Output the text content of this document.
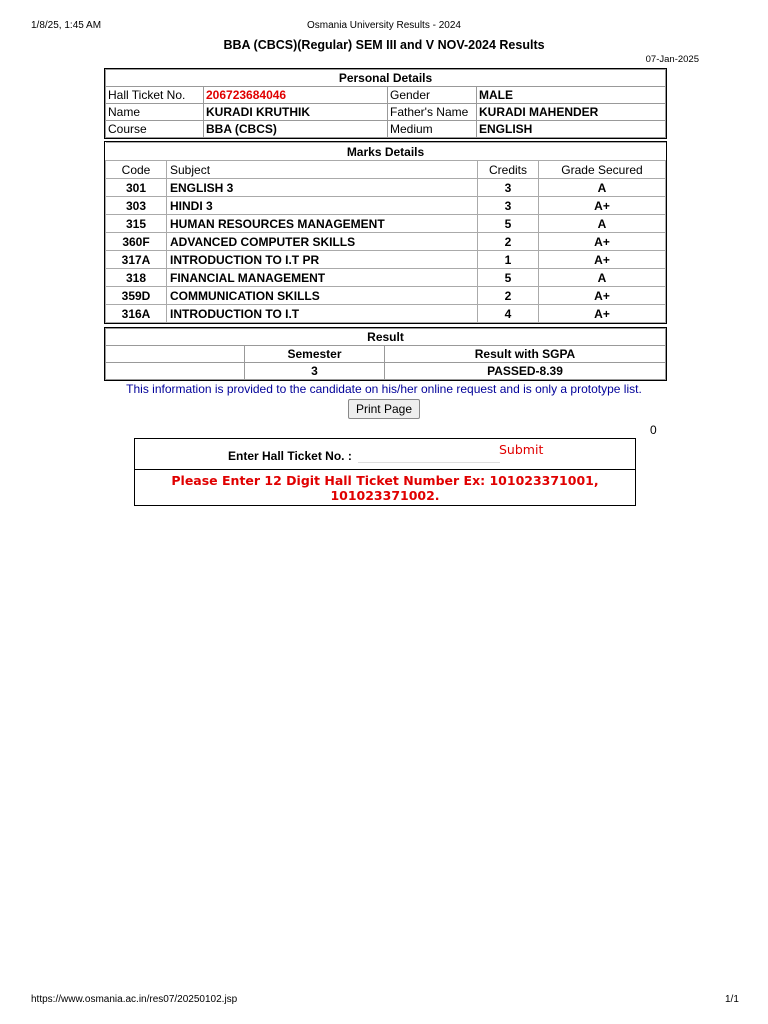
1/8/25, 1:45 AM	Osmania University Results - 2024
BBA (CBCS)(Regular) SEM III and V NOV-2024 Results
07-Jan-2025
Personal Details			
Hall Ticket No.	206723684046	Gender	MALE
Name	KURADI KRUTHIK	Father's Name	KURADI MAHENDER
Course	BBA (CBCS)	Medium	ENGLISH
Marks Details			
Code	Subject	Credits	Grade Secured
301	ENGLISH 3	3	A
303	HINDI 3	3	A+
315	HUMAN RESOURCES MANAGEMENT	5	A
360F	ADVANCED COMPUTER SKILLS	2	A+
317A	INTRODUCTION TO I.T PR	1	A+
318	FINANCIAL MANAGEMENT	5	A
359D	COMMUNICATION SKILLS	2	A+
316A	INTRODUCTION TO I.T	4	A+
Result		
	Semester	Result with SGPA
	3	PASSED-8.39
This information is provided to the candidate on his/her online request and is only a prototype list.
Print Page
0
Enter Hall Ticket No. :	Submit
Please Enter 12 Digit Hall Ticket Number Ex: 101023371001, 101023371002.
https://www.osmania.ac.in/res07/20250102.jsp	1/1
